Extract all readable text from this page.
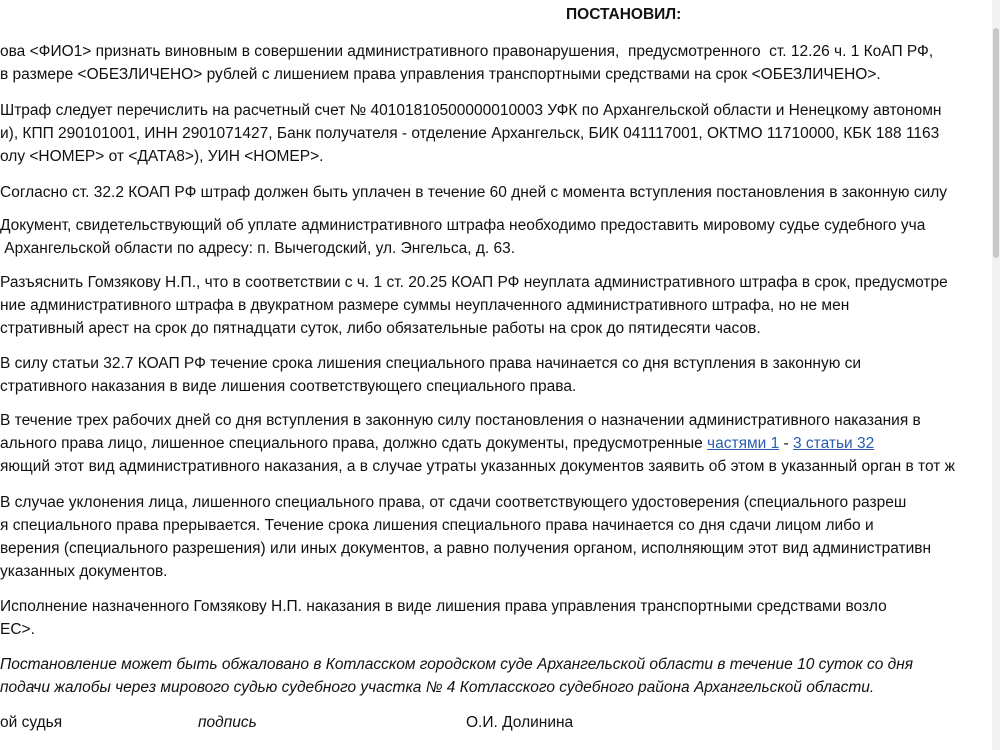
ПОСТАНОВИЛ:
ова <ФИО1> признать виновным в совершении административного правонарушения,  предусмотренного  ст. 12.26 ч. 1 КоАП РФ,
в размере <ОБЕЗЛИЧЕНО> рублей с лишением права управления транспортными средствами на срок <ОБЕЗЛИЧЕНО>.
Штраф следует перечислить на расчетный счет № 40101810500000010003 УФК по Архангельской области и Ненецкому автономн
и), КПП 290101001, ИНН 2901071427, Банк получателя - отделение Архангельск, БИК 041117001, ОКТМО 11710000, КБК 188 1163
олу <НОМЕР> от <ДАТА8>), УИН <НОМЕР>.
Согласно ст. 32.2 КОАП РФ штраф должен быть уплачен в течение 60 дней с момента вступления постановления в законную силу
Документ, свидетельствующий об уплате административного штрафа необходимо предоставить мировому судье судебного уча
Архангельской области по адресу: п. Вычегодский, ул. Энгельса, д. 63.
Разъяснить Гомзякову Н.П., что в соответствии с ч. 1 ст. 20.25 КОАП РФ неуплата административного штрафа в срок, предусмотре
ние административного штрафа в двукратном размере суммы неуплаченного административного штрафа, но не мен
стративный арест на срок до пятнадцати суток, либо обязательные работы на срок до пятидесяти часов.
В силу статьи 32.7 КОАП РФ течение срока лишения специального права начинается со дня вступления в законную си
стративного наказания в виде лишения соответствующего специального права.
В течение трех рабочих дней со дня вступления в законную силу постановления о назначении административного наказания в
ального права лицо, лишенное специального права, должно сдать документы, предусмотренные частями 1 - 3 статьи 32
яющий этот вид административного наказания, а в случае утраты указанных документов заявить об этом в указанный орган в тот ж
В случае уклонения лица, лишенного специального права, от сдачи соответствующего удостоверения (специального разреш
я специального права прерывается. Течение срока лишения специального права начинается со дня сдачи лицом либо и
верения (специального разрешения) или иных документов, а равно получения органом, исполняющим этот вид административн
указанных документов.
Исполнение назначенного Гомзякову Н.П. наказания в виде лишения права управления транспортными средствами возло
ЕС>.
Постановление может быть обжаловано в Котласском городском суде Архангельской области в течение 10 суток со дня
подачи жалобы через мирового судью судебного участка № 4 Котласского судебного района Архангельской области.
ой судья	подпись	О.И. Долинина
